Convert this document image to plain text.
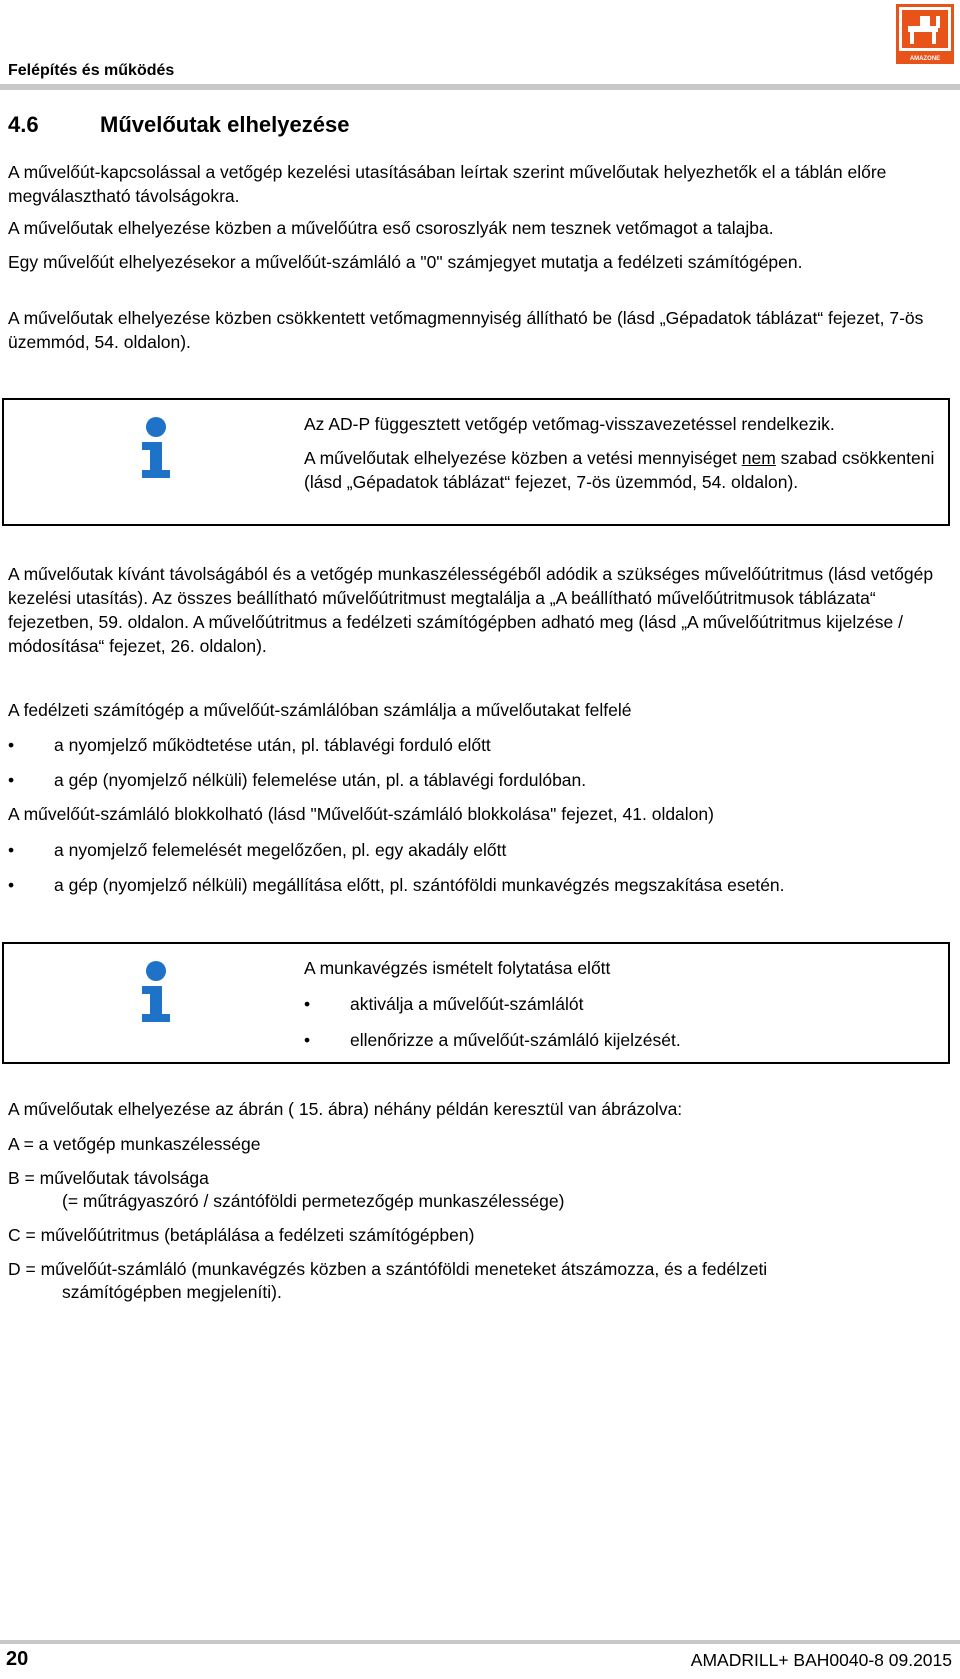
Felépítés és működés
AMAZONE
4.6	Művelőutak elhelyezése
A művelőút-kapcsolással a vetőgép kezelési utasításában leírtak szerint művelőutak helyezhetők el a táblán előre megválasztható távolságokra.
A művelőutak elhelyezése közben a művelőútra eső csoroszlyák nem tesznek vetőmagot a talajba.
Egy művelőút elhelyezésekor a művelőút-számláló a "0" számjegyet mutatja a fedélzeti számítógépen.
A művelőutak elhelyezése közben csökkentett vetőmagmennyiség állítható be (lásd „Gépadatok táblázat“ fejezet, 7-ös üzemmód, 54. oldalon).
Az AD-P függesztett vetőgép vetőmag-visszavezetéssel rendelkezik.
A művelőutak elhelyezése közben a vetési mennyiséget nem szabad csökkenteni (lásd „Gépadatok táblázat“ fejezet, 7-ös üzemmód, 54. oldalon).
A művelőutak kívánt távolságából és a vetőgép munkaszélességéből adódik a szükséges művelőútritmus (lásd vetőgép kezelési utasítás). Az összes beállítható művelőútritmust megtalálja a „A beállítható művelőútritmusok táblázata“ fejezetben, 59. oldalon. A művelőútritmus a fedélzeti számítógépben adható meg (lásd „A művelőútritmus kijelzése / módosítása“ fejezet, 26. oldalon).
A fedélzeti számítógép a művelőút-számlálóban számlálja a művelőutakat felfelé
• a nyomjelző működtetése után, pl. táblavégi forduló előtt
• a gép (nyomjelző nélküli) felemelése után, pl. a táblavégi fordulóban.
A művelőút-számláló blokkolható (lásd "Művelőút-számláló blokkolása" fejezet, 41. oldalon)
• a nyomjelző felemelését megelőzően, pl. egy akadály előtt
• a gép (nyomjelző nélküli) megállítása előtt, pl. szántóföldi munkavégzés megszakítása esetén.
A munkavégzés ismételt folytatása előtt
• aktiválja a művelőút-számlálót
• ellenőrizze a művelőút-számláló kijelzését.
A művelőutak elhelyezése az ábrán ( 15. ábra) néhány példán keresztül van ábrázolva:
A = a vetőgép munkaszélessége
B = művelőutak távolsága
(= műtrágyaszóró / szántóföldi permetezőgép munkaszélessége)
C = művelőútritmus (betáplálása a fedélzeti számítógépben)
D = művelőút-számláló (munkavégzés közben a szántóföldi meneteket átszámozza, és a fedélzeti
számítógépben megjeleníti).
20	AMADRILL+ BAH0040-8 09.2015
